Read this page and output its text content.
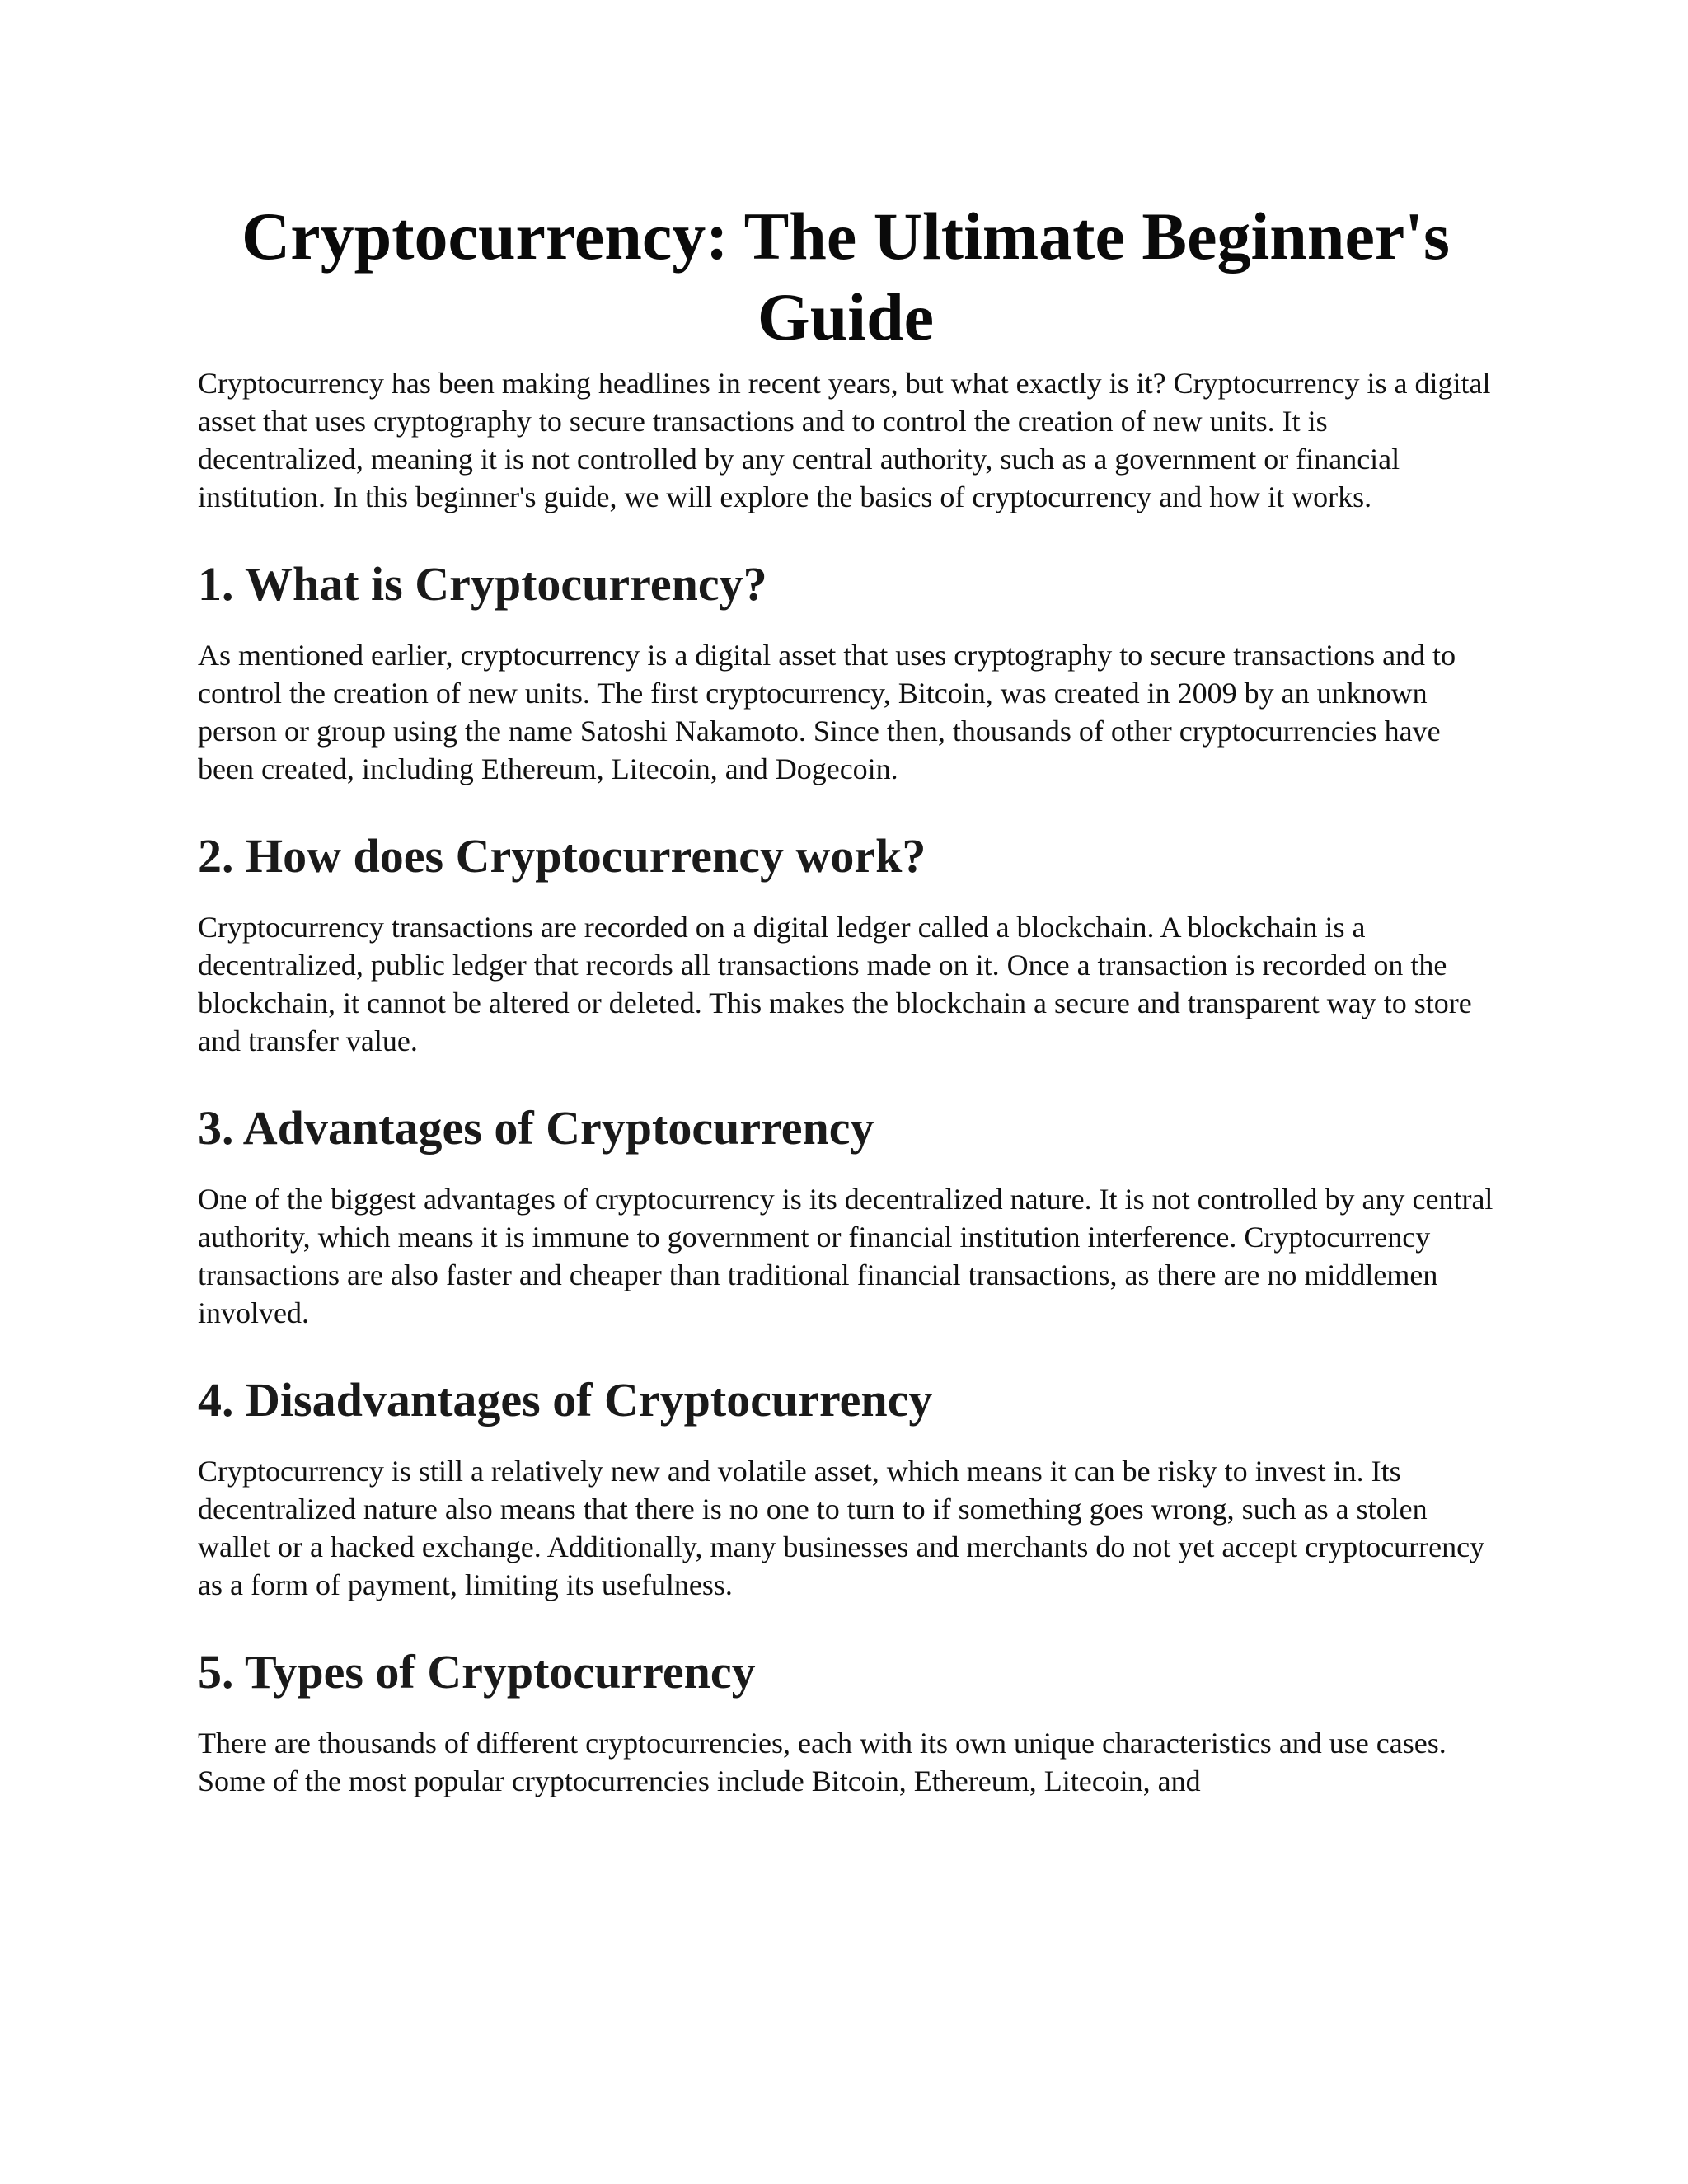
Cryptocurrency: The Ultimate Beginner's Guide

Cryptocurrency has been making headlines in recent years, but what exactly is it? Cryptocurrency is a digital asset that uses cryptography to secure transactions and to control the creation of new units. It is decentralized, meaning it is not controlled by any central authority, such as a government or financial institution. In this beginner's guide, we will explore the basics of cryptocurrency and how it works.

1. What is Cryptocurrency?

As mentioned earlier, cryptocurrency is a digital asset that uses cryptography to secure transactions and to control the creation of new units. The first cryptocurrency, Bitcoin, was created in 2009 by an unknown person or group using the name Satoshi Nakamoto. Since then, thousands of other cryptocurrencies have been created, including Ethereum, Litecoin, and Dogecoin.

2. How does Cryptocurrency work?

Cryptocurrency transactions are recorded on a digital ledger called a blockchain. A blockchain is a decentralized, public ledger that records all transactions made on it. Once a transaction is recorded on the blockchain, it cannot be altered or deleted. This makes the blockchain a secure and transparent way to store and transfer value.

3. Advantages of Cryptocurrency

One of the biggest advantages of cryptocurrency is its decentralized nature. It is not controlled by any central authority, which means it is immune to government or financial institution interference. Cryptocurrency transactions are also faster and cheaper than traditional financial transactions, as there are no middlemen involved.

4. Disadvantages of Cryptocurrency

Cryptocurrency is still a relatively new and volatile asset, which means it can be risky to invest in. Its decentralized nature also means that there is no one to turn to if something goes wrong, such as a stolen wallet or a hacked exchange. Additionally, many businesses and merchants do not yet accept cryptocurrency as a form of payment, limiting its usefulness.

5. Types of Cryptocurrency

There are thousands of different cryptocurrencies, each with its own unique characteristics and use cases. Some of the most popular cryptocurrencies include Bitcoin, Ethereum, Litecoin, and
